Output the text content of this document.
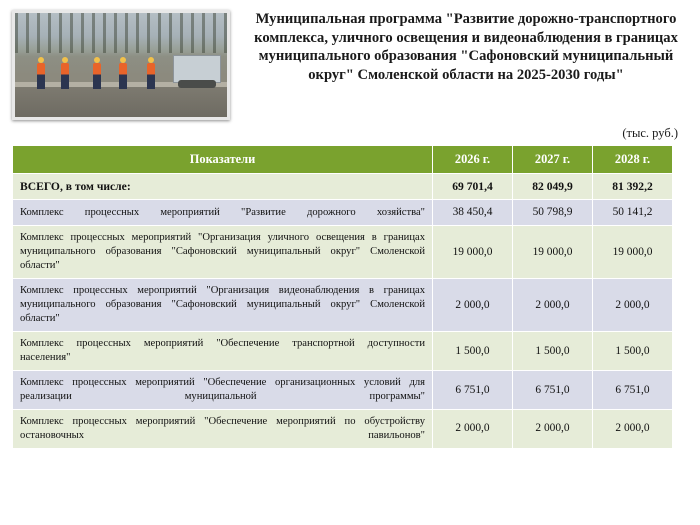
Муниципальная программа "Развитие дорожно-транспортного комплекса, уличного освещения и видеонаблюдения в границах муниципального образования "Сафоновский муниципальный округ" Смоленской области на 2025-2030 годы"
(тыс. руб.)
Показатели	2026 г.	2027 г.	2028 г.
ВСЕГО, в том числе:	69 701,4	82 049,9	81 392,2
Комплекс процессных мероприятий "Развитие дорожного хозяйства"	38 450,4	50 798,9	50 141,2
Комплекс процессных мероприятий "Организация уличного освещения в границах муниципального образования "Сафоновский муниципальный округ" Смоленской области"	19 000,0	19 000,0	19 000,0
Комплекс процессных мероприятий "Организация видеонаблюдения в границах муниципального образования "Сафоновский муниципальный округ" Смоленской области"	2 000,0	2 000,0	2 000,0
Комплекс процессных мероприятий "Обеспечение транспортной доступности населения"	1 500,0	1 500,0	1 500,0
Комплекс процессных мероприятий "Обеспечение организационных условий для реализации муниципальной программы"	6 751,0	6 751,0	6 751,0
Комплекс процессных мероприятий "Обеспечение мероприятий по обустройству остановочных павильонов"	2 000,0	2 000,0	2 000,0
